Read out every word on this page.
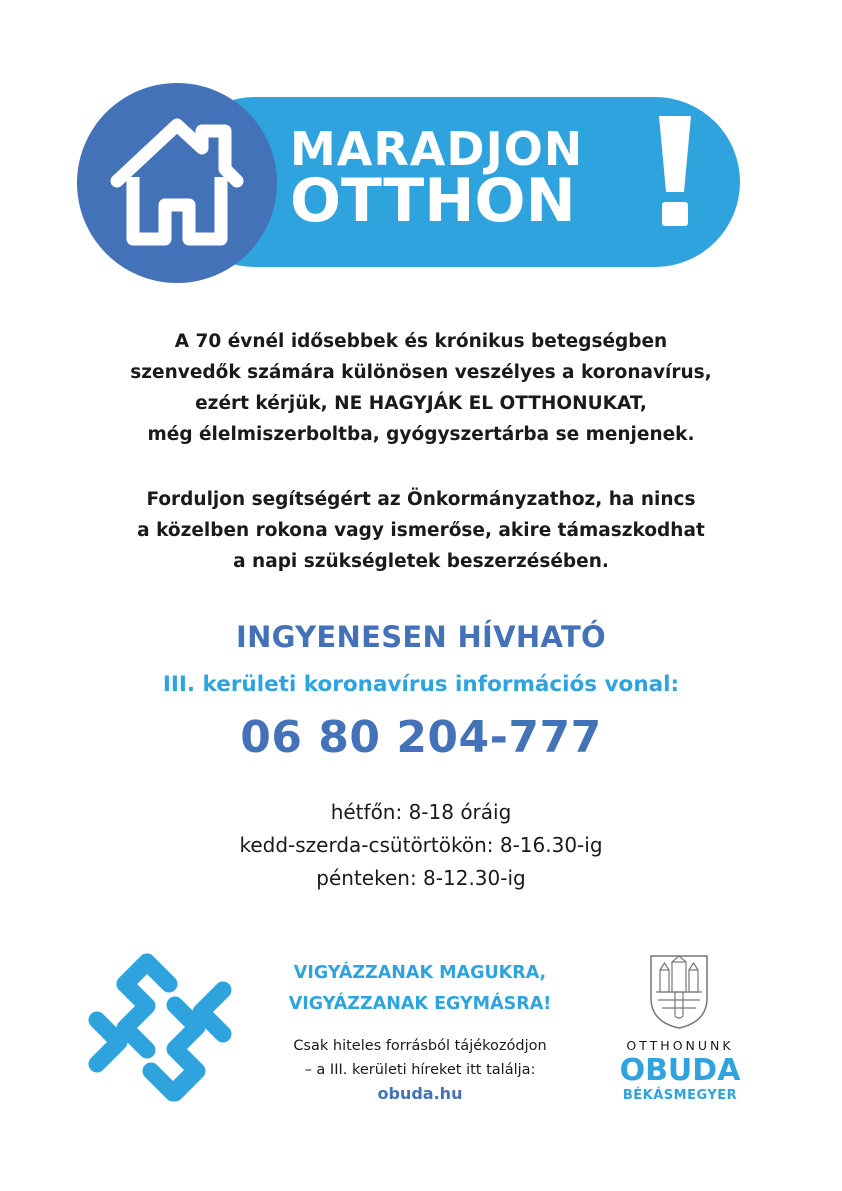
MARADJON
OTTHON
A 70 évnél idősebbek és krónikus betegségben
szenvedők számára különösen veszélyes a koronavírus,
ezért kérjük, NE HAGYJÁK EL OTTHONUKAT,
még élelmiszerboltba, gyógyszertárba se menjenek.
Forduljon segítségért az Önkormányzathoz, ha nincs
a közelben rokona vagy ismerőse, akire támaszkodhat
a napi szükségletek beszerzésében.
INGYENESEN HÍVHATÓ
III. kerületi koronavírus információs vonal:
06 80 204-777
hétfőn: 8-18 óráig
kedd-szerda-csütörtökön: 8-16.30-ig
pénteken: 8-12.30-ig
VIGYÁZZANAK MAGUKRA,
VIGYÁZZANAK EGYMÁSRA!
Csak hiteles forrásból tájékozódjon
– a III. kerületi híreket itt találja:
obuda.hu
OTTHONUNK
OBUDA
BÉKÁSMEGYER
